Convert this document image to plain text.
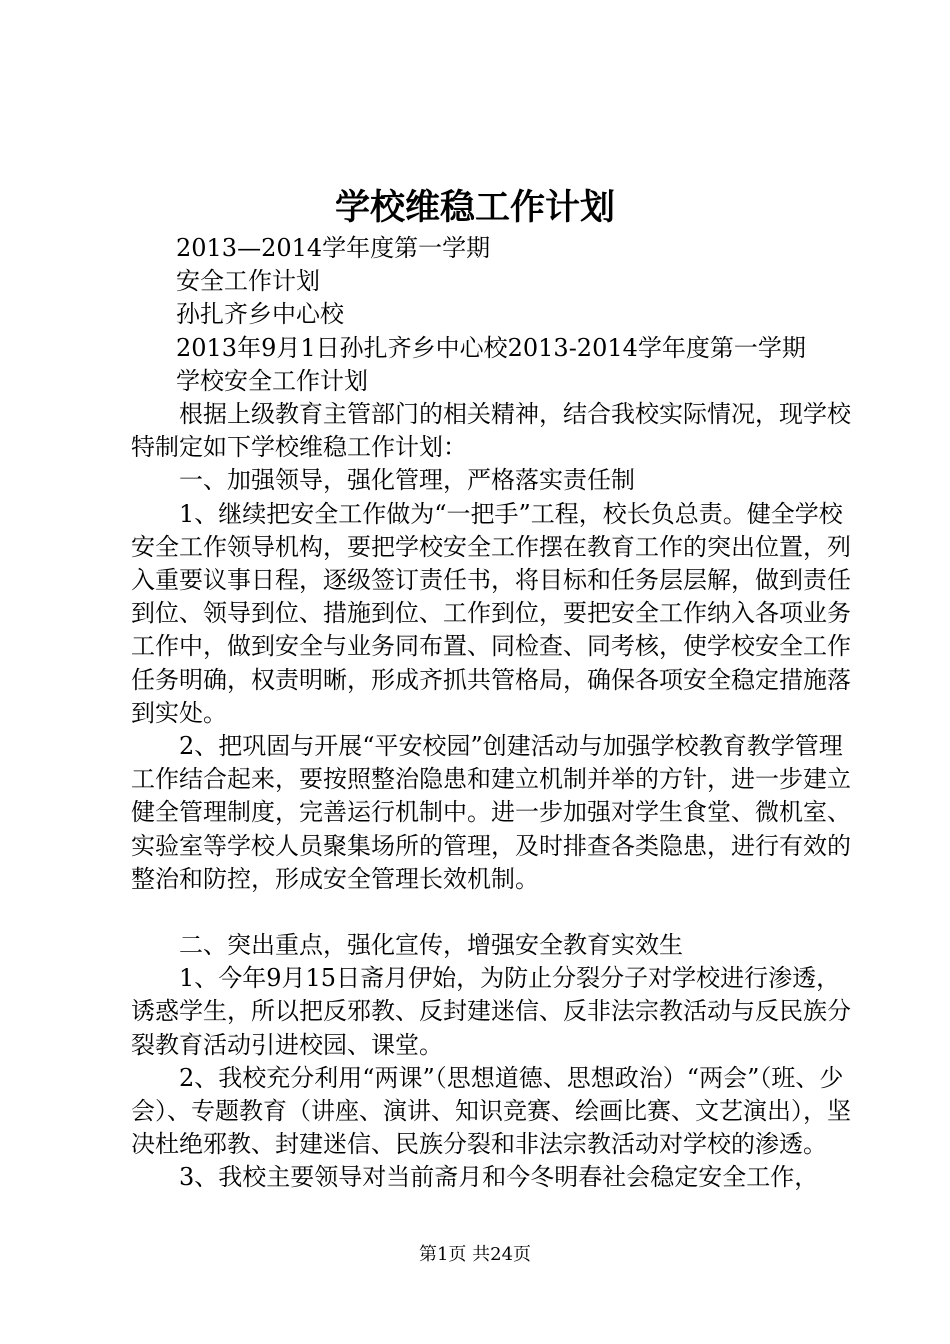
学校维稳工作计划

2013—2014学年度第一学期

安全工作计划

孙扎齐乡中心校

2013年9月1日孙扎齐乡中心校2013-2014学年度第一学期

学校安全工作计划

根据上级教育主管部门的相关精神，结合我校实际情况，现学校特制定如下学校维稳工作计划：

一、加强领导，强化管理，严格落实责任制

1、继续把安全工作做为“一把手”工程，校长负总责。健全学校安全工作领导机构，要把学校安全工作摆在教育工作的突出位置，列入重要议事日程，逐级签订责任书，将目标和任务层层解，做到责任到位、领导到位、措施到位、工作到位，要把安全工作纳入各项业务工作中，做到安全与业务同布置、同检查、同考核，使学校安全工作任务明确，权责明晰，形成齐抓共管格局，确保各项安全稳定措施落到实处。

2、把巩固与开展“平安校园”创建活动与加强学校教育教学管理工作结合起来，要按照整治隐患和建立机制并举的方针，进一步建立健全管理制度，完善运行机制中。进一步加强对学生食堂、微机室、实验室等学校人员聚集场所的管理，及时排查各类隐患，进行有效的整治和防控，形成安全管理长效机制。

二、突出重点，强化宣传，增强安全教育实效生

1、今年9月15日斋月伊始，为防止分裂分子对学校进行渗透，诱惑学生，所以把反邪教、反封建迷信、反非法宗教活动与反民族分裂教育活动引进校园、课堂。

2、我校充分利用“两课”（思想道德、思想政治）“两会”（班、少会）、专题教育（讲座、演讲、知识竞赛、绘画比赛、文艺演出），坚决杜绝邪教、封建迷信、民族分裂和非法宗教活动对学校的渗透。

3、我校主要领导对当前斋月和今冬明春社会稳定安全工作，

第1页 共24页
